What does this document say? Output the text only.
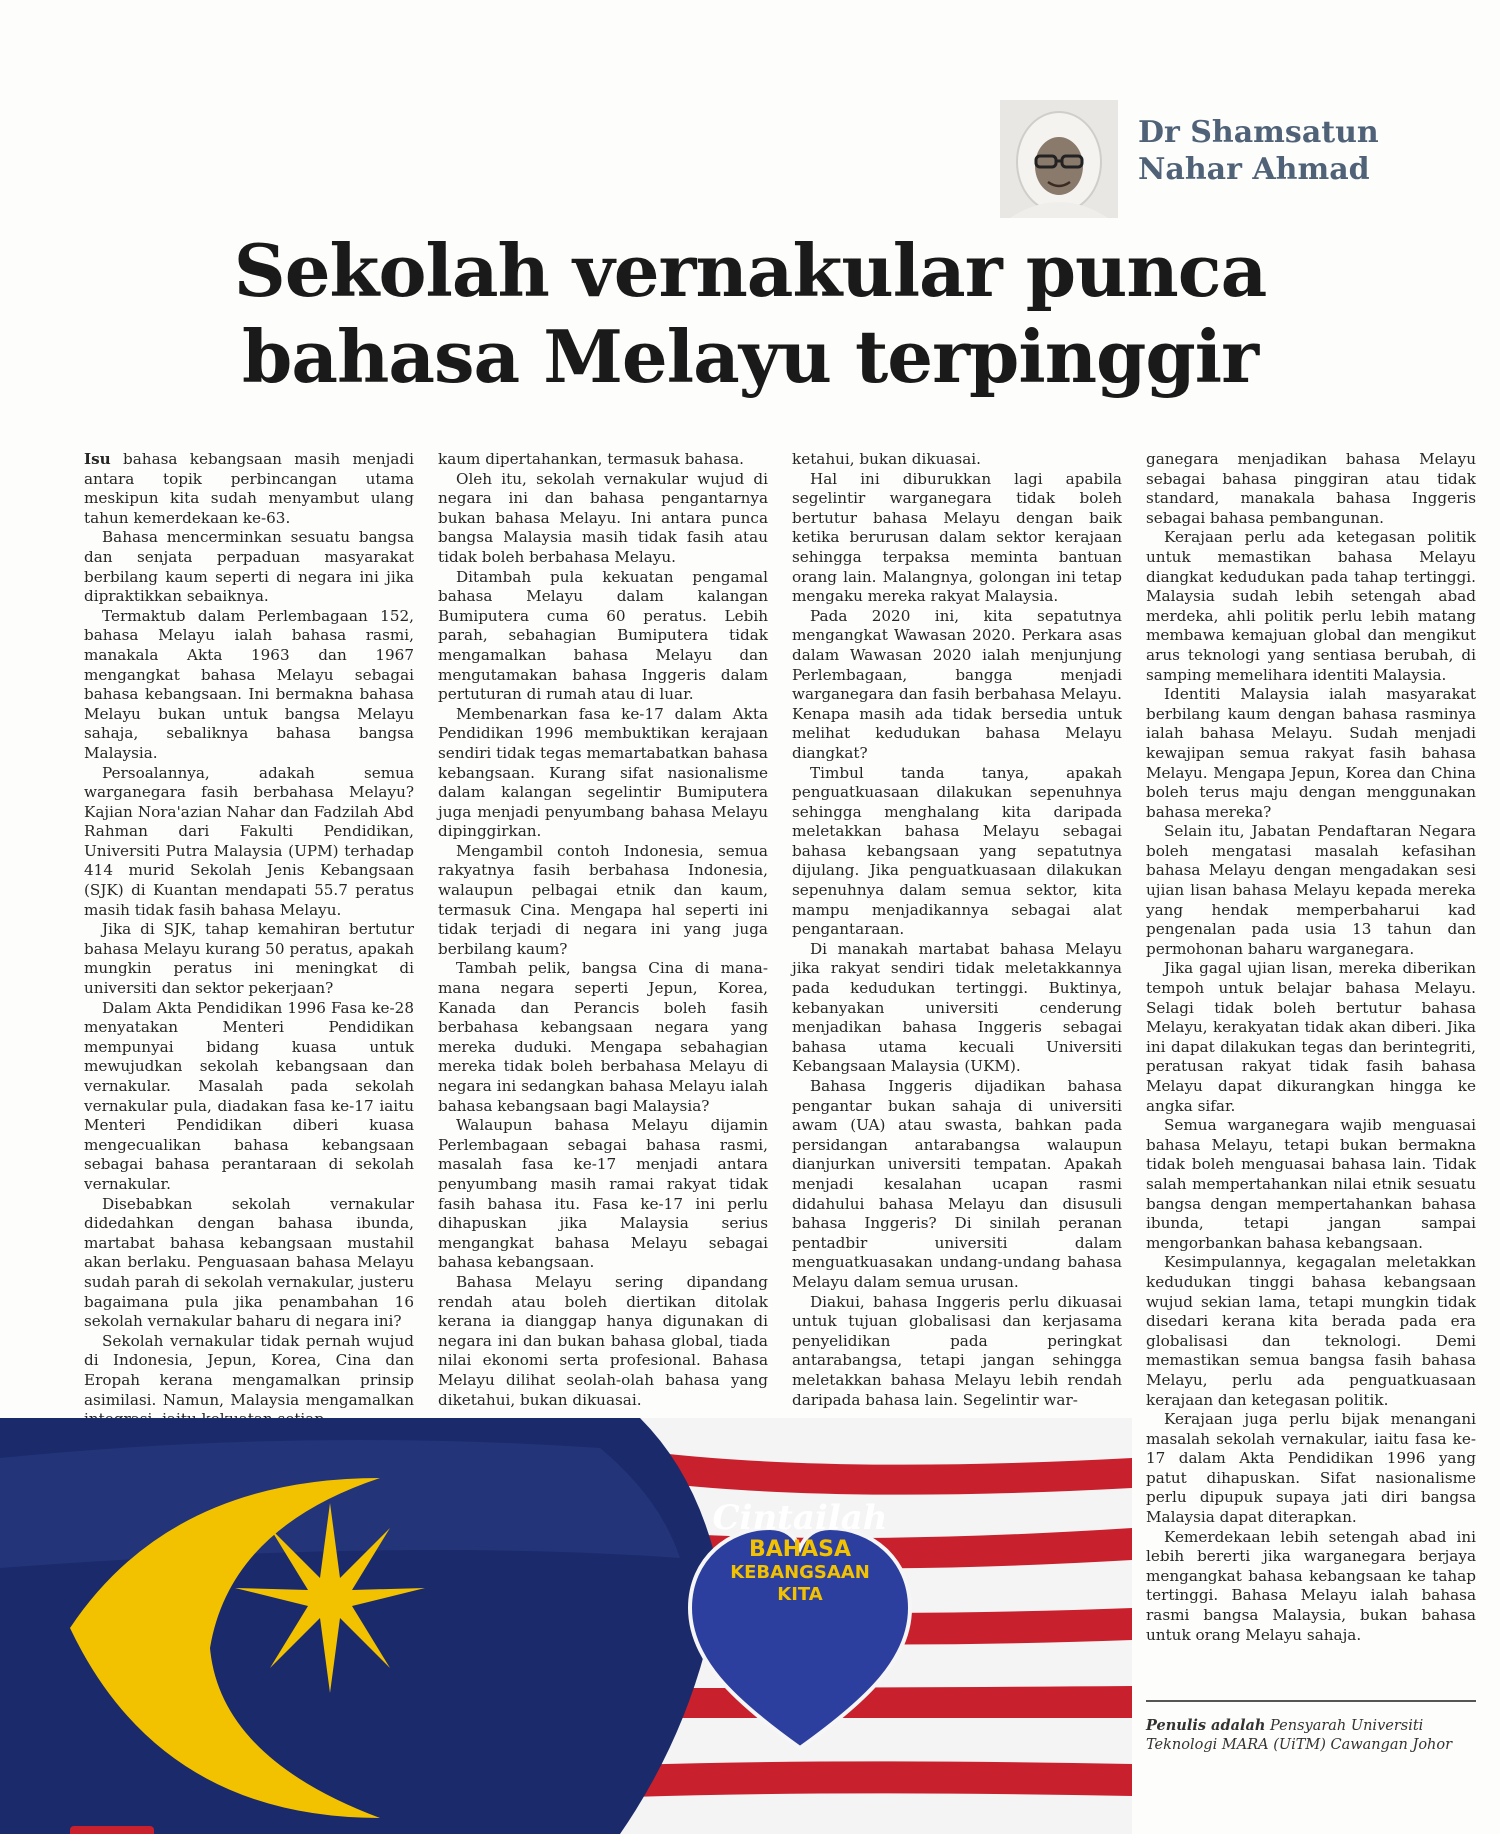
Dr Shamsatun
Nahar Ahmad
Sekolah vernakular punca
bahasa Melayu terpinggir

Isu bahasa kebangsaan masih menjadi antara topik perbincangan utama meskipun kita sudah menyambut ulang tahun kemerdekaan ke-63.

Bahasa mencerminkan sesuatu bangsa dan senjata perpaduan masyarakat berbilang kaum seperti di negara ini jika dipraktikkan sebaiknya.

Termaktub dalam Perlembagaan 152, bahasa Melayu ialah bahasa rasmi, manakala Akta 1963 dan 1967 mengangkat bahasa Melayu sebagai bahasa kebangsaan. Ini bermakna bahasa Melayu bukan untuk bangsa Melayu sahaja, sebaliknya bahasa bangsa Malaysia.

Persoalannya, adakah semua warganegara fasih berbahasa Melayu? Kajian Nora'azian Nahar dan Fadzilah Abd Rahman dari Fakulti Pendidikan, Universiti Putra Malaysia (UPM) terhadap 414 murid Sekolah Jenis Kebangsaan (SJK) di Kuantan mendapati 55.7 peratus masih tidak fasih bahasa Melayu.

Jika di SJK, tahap kemahiran bertutur bahasa Melayu kurang 50 peratus, apakah mungkin peratus ini meningkat di universiti dan sektor pekerjaan?

Dalam Akta Pendidikan 1996 Fasa ke-28 menyatakan Menteri Pendidikan mempunyai bidang kuasa untuk mewujudkan sekolah kebangsaan dan vernakular. Masalah pada sekolah vernakular pula, diadakan fasa ke-17 iaitu Menteri Pendidikan diberi kuasa mengecualikan bahasa kebangsaan sebagai bahasa perantaraan di sekolah vernakular.

Disebabkan sekolah vernakular didedahkan dengan bahasa ibunda, martabat bahasa kebangsaan mustahil akan berlaku. Penguasaan bahasa Melayu sudah parah di sekolah vernakular, justeru bagaimana pula jika penambahan 16 sekolah vernakular baharu di negara ini?

Sekolah vernakular tidak pernah wujud di Indonesia, Jepun, Korea, Cina dan Eropah kerana mengamalkan prinsip asimilasi. Namun, Malaysia mengamalkan

kaum dipertahankan, termasuk bahasa.

Oleh itu, sekolah vernakular wujud di negara ini dan bahasa pengantarnya bukan bahasa Melayu. Ini antara punca bangsa Malaysia masih tidak fasih atau tidak boleh berbahasa Melayu.

Ditambah pula kekuatan pengamal bahasa Melayu dalam kalangan Bumiputera cuma 60 peratus. Lebih parah, sebahagian Bumiputera tidak mengamalkan bahasa Melayu dan mengutamakan bahasa Inggeris dalam pertuturan di rumah atau di luar.

Membenarkan fasa ke-17 dalam Akta Pendidikan 1996 membuktikan kerajaan sendiri tidak tegas memartabatkan bahasa kebangsaan. Kurang sifat nasionalisme dalam kalangan segelintir Bumiputera juga menjadi penyumbang bahasa Melayu dipinggirkan.

Mengambil contoh Indonesia, semua rakyatnya fasih berbahasa Indonesia, walaupun pelbagai etnik dan kaum, termasuk Cina. Mengapa hal seperti ini tidak terjadi di negara ini yang juga berbilang kaum?

Tambah pelik, bangsa Cina di mana-mana negara seperti Jepun, Korea, Kanada dan Perancis boleh fasih berbahasa kebangsaan negara yang mereka duduki. Mengapa sebahagian mereka tidak boleh berbahasa Melayu di negara ini sedangkan bahasa Melayu ialah bahasa kebangsaan bagi Malaysia?

Walaupun bahasa Melayu dijamin Perlembagaan sebagai bahasa rasmi, masalah fasa ke-17 menjadi antara penyumbang masih ramai rakyat tidak fasih bahasa itu. Fasa ke-17 ini perlu dihapuskan jika Malaysia serius mengangkat bahasa Melayu sebagai bahasa kebangsaan.

Bahasa Melayu sering dipandang rendah atau boleh diertikan ditolak kerana ia dianggap hanya digunakan di negara ini dan bukan bahasa global, tiada nilai ekonomi serta profesional. Bahasa Melayu dilihat seolah-olah bahasa yang diketahui, bukan dikuasai.

ketahui, bukan dikuasai.

Hal ini diburukkan lagi apabila segelintir warganegara tidak boleh bertutur bahasa Melayu dengan baik ketika berurusan dalam sektor kerajaan sehingga terpaksa meminta bantuan orang lain. Malangnya, golongan ini tetap mengaku mereka rakyat Malaysia.

Pada 2020 ini, kita sepatutnya mengangkat Wawasan 2020. Perkara asas dalam Wawasan 2020 ialah menjunjung Perlembagaan, bangga menjadi warganegara dan fasih berbahasa Melayu. Kenapa masih ada tidak bersedia untuk melihat kedudukan bahasa Melayu diangkat?

Timbul tanda tanya, apakah penguatkuasaan dilakukan sepenuhnya sehingga menghalang kita daripada meletakkan bahasa Melayu sebagai bahasa kebangsaan yang sepatutnya dijulang. Jika penguatkuasaan dilakukan sepenuhnya dalam semua sektor, kita mampu menjadikannya sebagai alat pengantaraan.

Di manakah martabat bahasa Melayu jika rakyat sendiri tidak meletakkannya pada kedudukan tertinggi. Buktinya, kebanyakan universiti cenderung menjadikan bahasa Inggeris sebagai bahasa utama kecuali Universiti Kebangsaan Malaysia (UKM).

Bahasa Inggeris dijadikan bahasa pengantar bukan sahaja di universiti awam (UA) atau swasta, bahkan pada persidangan antarabangsa walaupun dianjurkan universiti tempatan. Apakah menjadi kesalahan ucapan rasmi didahului bahasa Melayu dan disusuli bahasa Inggeris? Di sinilah peranan pentadbir universiti dalam menguatkuasakan undang-undang bahasa Melayu dalam semua urusan.

Diakui, bahasa Inggeris perlu dikuasai untuk tujuan globalisasi dan kerjasama penyelidikan pada peringkat antarabangsa, tetapi jangan sehingga meletakkan bahasa Melayu lebih rendah daripada bahasa lain. Segelintir war-

ganegara menjadikan bahasa Melayu sebagai bahasa pinggiran atau tidak standard, manakala bahasa Inggeris sebagai bahasa pembangunan.

Kerajaan perlu ada ketegasan politik untuk memastikan bahasa Melayu diangkat kedudukan pada tahap tertinggi. Malaysia sudah lebih setengah abad merdeka, ahli politik perlu lebih matang membawa kemajuan global dan mengikut arus teknologi yang sentiasa berubah, di samping memelihara identiti Malaysia.

Identiti Malaysia ialah masyarakat berbilang kaum dengan bahasa rasminya ialah bahasa Melayu. Sudah menjadi kewajipan semua rakyat fasih bahasa Melayu. Mengapa Jepun, Korea dan China boleh terus maju dengan menggunakan bahasa mereka?

Selain itu, Jabatan Pendaftaran Negara boleh mengatasi masalah kefasihan bahasa Melayu dengan mengadakan sesi ujian lisan bahasa Melayu kepada mereka yang hendak memperbaharui kad pengenalan pada usia 13 tahun dan permohonan baharu warganegara.

Jika gagal ujian lisan, mereka diberikan tempoh untuk belajar bahasa Melayu. Selagi tidak boleh bertutur bahasa Melayu, kerakyatan tidak akan diberi. Jika ini dapat dilakukan tegas dan berintegriti, peratusan rakyat tidak fasih bahasa Melayu dapat dikurangkan hingga ke angka sifar.

Semua warganegara wajib menguasai bahasa Melayu, tetapi bukan bermakna tidak boleh menguasai bahasa lain. Tidak salah mempertahankan nilai etnik sesuatu bangsa dengan mempertahankan bahasa ibunda, tetapi jangan sampai mengorbankan bahasa kebangsaan.

Kesimpulannya, kegagalan meletakkan kedudukan tinggi bahasa kebangsaan wujud sekian lama, tetapi mungkin tidak disedari kerana kita berada pada era globalisasi dan teknologi. Demi memastikan semua bangsa fasih bahasa Melayu, perlu ada penguatkuasaan kerajaan dan ketegasan politik.

Kerajaan juga perlu bijak menangani masalah sekolah vernakular, iaitu fasa ke-17 dalam Akta Pendidikan 1996 yang patut dihapuskan. Sifat nasionalisme perlu dipupuk supaya jati diri bangsa Malaysia dapat diterapkan.

Kemerdekaan lebih setengah abad ini lebih bererti jika warganegara berjaya mengangkat bahasa kebangsaan ke tahap tertinggi. Bahasa Melayu ialah bahasa rasmi bangsa Malaysia, bukan bahasa untuk orang Melayu sahaja.

Cintailah
BAHASA
KEBANGSAAN
KITA
Penulis adalah Pensyarah Universiti Teknologi MARA (UiTM) Cawangan Johor
